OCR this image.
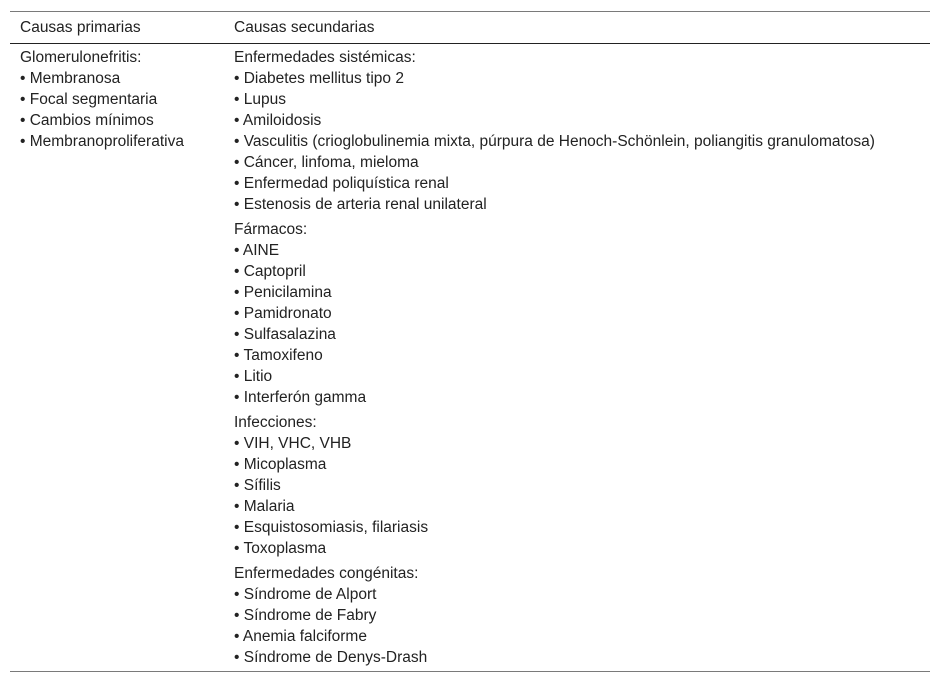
Causas primarias	Causas secundarias
Glomerulonefritis:
• Membranosa
• Focal segmentaria
• Cambios mínimos
• Membranoproliferativa
Enfermedades sistémicas:
• Diabetes mellitus tipo 2
• Lupus
• Amiloidosis
• Vasculitis (crioglobulinemia mixta, púrpura de Henoch-Schönlein, poliangitis granulomatosa)
• Cáncer, linfoma, mieloma
• Enfermedad poliquística renal
• Estenosis de arteria renal unilateral
Fármacos:
• AINE
• Captopril
• Penicilamina
• Pamidronato
• Sulfasalazina
• Tamoxifeno
• Litio
• Interferón gamma
Infecciones:
• VIH, VHC, VHB
• Micoplasma
• Sífilis
• Malaria
• Esquistosomiasis, filariasis
• Toxoplasma
Enfermedades congénitas:
• Síndrome de Alport
• Síndrome de Fabry
• Anemia falciforme
• Síndrome de Denys-Drash
